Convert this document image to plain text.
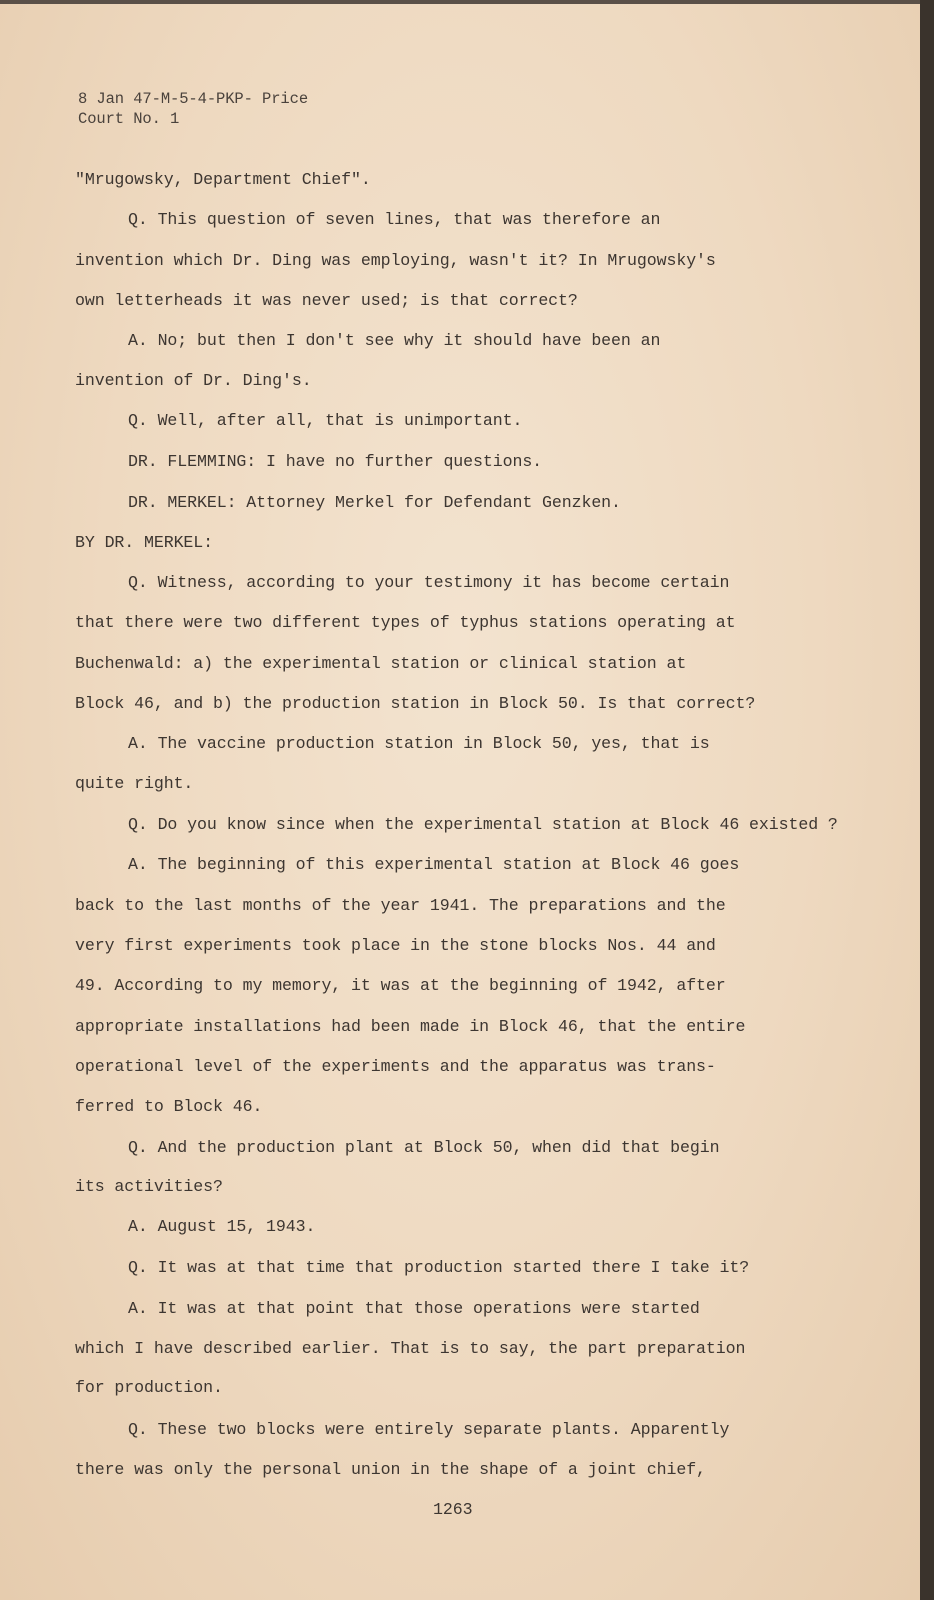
8 Jan 47-M-5-4-PKP- Price
Court No. 1
"Mrugowsky, Department Chief".
Q. This question of seven lines, that was therefore an
invention which Dr. Ding was employing, wasn't it? In Mrugowsky's
own letterheads it was never used; is that correct?
A. No; but then I don't see why it should have been an
invention of Dr. Ding's.
Q. Well, after all, that is unimportant.
DR. FLEMMING: I have no further questions.
DR. MERKEL: Attorney Merkel for Defendant Genzken.
BY DR. MERKEL:
Q. Witness, according to your testimony it has become certain
that there were two different types of typhus stations operating at
Buchenwald: a) the experimental station or clinical station at
Block 46, and b) the production station in Block 50. Is that correct?
A. The vaccine production station in Block 50, yes, that is
quite right.
Q. Do you know since when the experimental station at Block 46 existed ?
A. The beginning of this experimental station at Block 46 goes
back to the last months of the year 1941. The preparations and the
very first experiments took place in the stone blocks Nos. 44 and
49. According to my memory, it was at the beginning of 1942, after
appropriate installations had been made in Block 46, that the entire
operational level of the experiments and the apparatus was trans-
ferred to Block 46.
Q. And the production plant at Block 50, when did that begin
its activities?
A. August 15, 1943.
Q. It was at that time that production started there I take it?
A. It was at that point that those operations were started
which I have described earlier. That is to say, the part preparation
for production.
Q. These two blocks were entirely separate plants. Apparently
there was only the personal union in the shape of a joint chief,
1263
